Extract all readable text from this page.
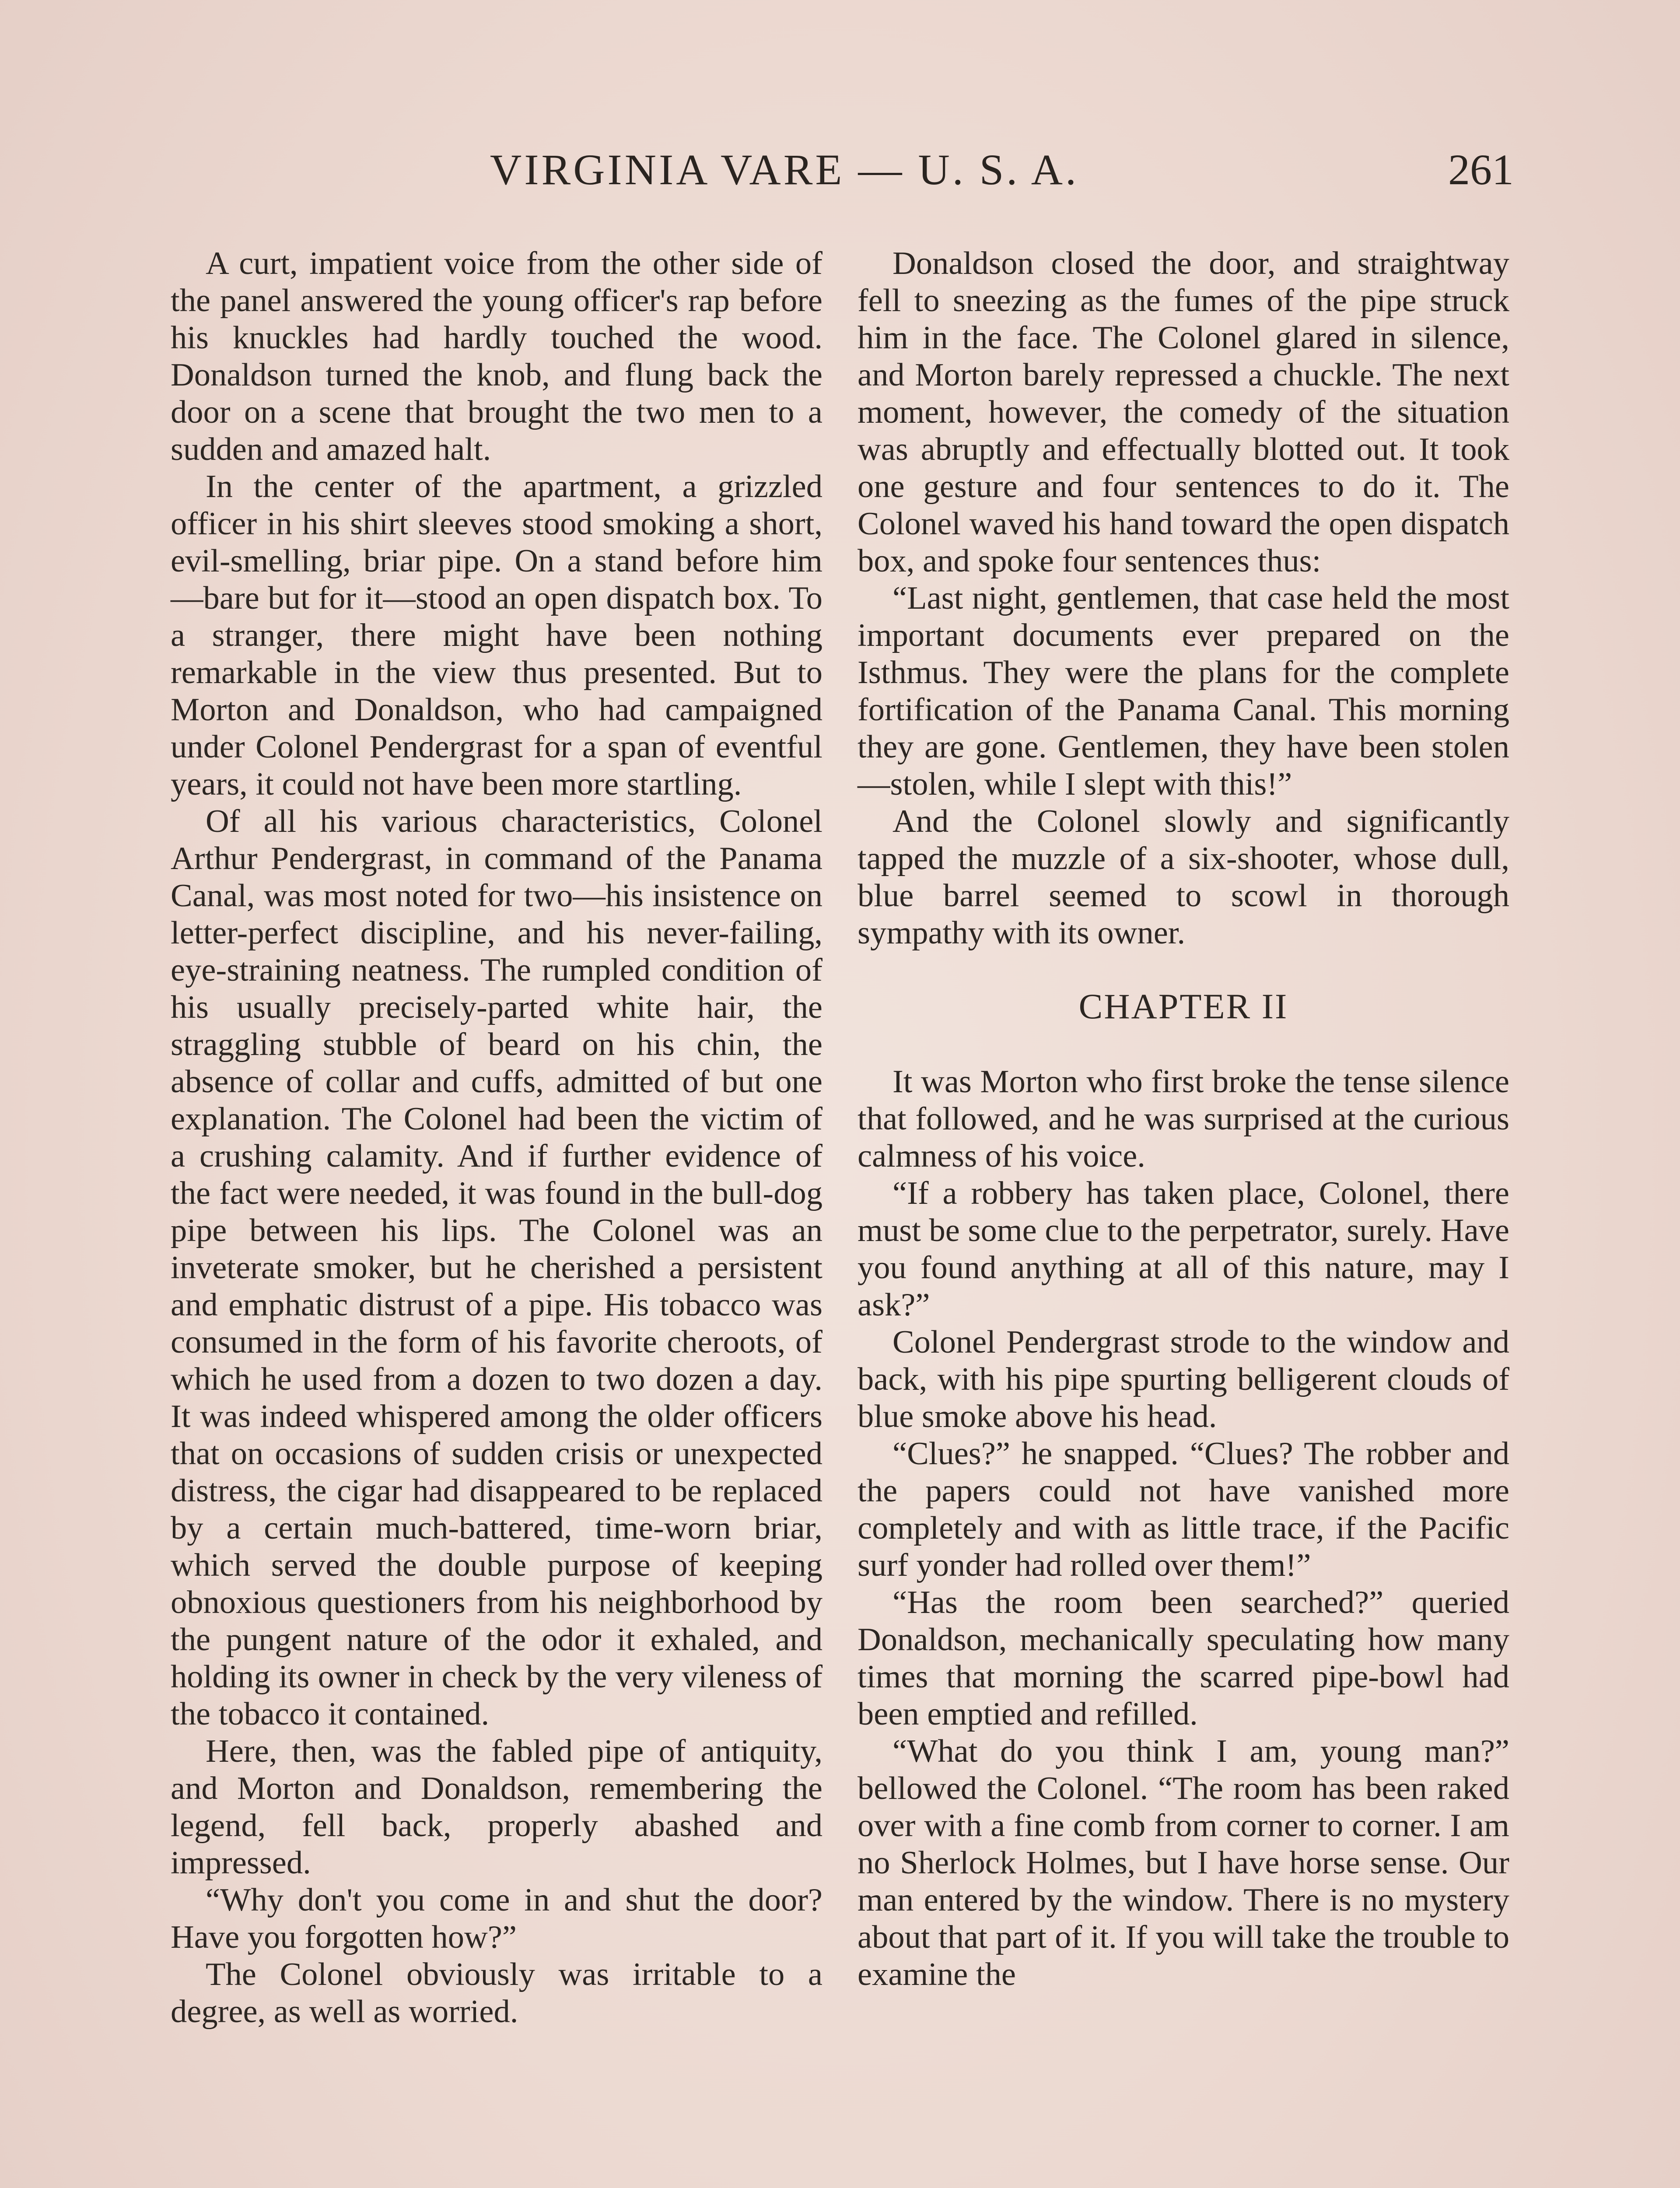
VIRGINIA VARE — U. S. A.	261

A curt, impatient voice from the other side of the panel answered the young officer's rap before his knuckles had hardly touched the wood. Donaldson turned the knob, and flung back the door on a scene that brought the two men to a sudden and amazed halt.

In the center of the apartment, a grizzled officer in his shirt sleeves stood smoking a short, evil-smelling, briar pipe. On a stand before him—bare but for it—stood an open dispatch box. To a stranger, there might have been nothing remarkable in the view thus presented. But to Morton and Donaldson, who had campaigned under Colonel Pendergrast for a span of eventful years, it could not have been more startling.

Of all his various characteristics, Colonel Arthur Pendergrast, in command of the Panama Canal, was most noted for two—his insistence on letter-perfect discipline, and his never-failing, eye-straining neatness. The rumpled condition of his usually precisely-parted white hair, the straggling stubble of beard on his chin, the absence of collar and cuffs, admitted of but one explanation. The Colonel had been the victim of a crushing calamity. And if further evidence of the fact were needed, it was found in the bull-dog pipe between his lips. The Colonel was an inveterate smoker, but he cherished a persistent and emphatic distrust of a pipe. His tobacco was consumed in the form of his favorite cheroots, of which he used from a dozen to two dozen a day. It was indeed whispered among the older officers that on occasions of sudden crisis or unexpected distress, the cigar had disappeared to be replaced by a certain much-battered, time-worn briar, which served the double purpose of keeping obnoxious questioners from his neighborhood by the pungent nature of the odor it exhaled, and holding its owner in check by the very vileness of the tobacco it contained.

Here, then, was the fabled pipe of antiquity, and Morton and Donaldson, remembering the legend, fell back, properly abashed and impressed.

“Why don't you come in and shut the door? Have you forgotten how?”

The Colonel obviously was irritable to a degree, as well as worried.

Donaldson closed the door, and straightway fell to sneezing as the fumes of the pipe struck him in the face. The Colonel glared in silence, and Morton barely repressed a chuckle. The next moment, however, the comedy of the situation was abruptly and effectually blotted out. It took one gesture and four sentences to do it. The Colonel waved his hand toward the open dispatch box, and spoke four sentences thus:

“Last night, gentlemen, that case held the most important documents ever prepared on the Isthmus. They were the plans for the complete fortification of the Panama Canal. This morning they are gone. Gentlemen, they have been stolen—stolen, while I slept with this!”

And the Colonel slowly and significantly tapped the muzzle of a six-shooter, whose dull, blue barrel seemed to scowl in thorough sympathy with its owner.

CHAPTER II

It was Morton who first broke the tense silence that followed, and he was surprised at the curious calmness of his voice.

“If a robbery has taken place, Colonel, there must be some clue to the perpetrator, surely. Have you found anything at all of this nature, may I ask?”

Colonel Pendergrast strode to the window and back, with his pipe spurting belligerent clouds of blue smoke above his head.

“Clues?” he snapped. “Clues? The robber and the papers could not have vanished more completely and with as little trace, if the Pacific surf yonder had rolled over them!”

“Has the room been searched?” queried Donaldson, mechanically speculating how many times that morning the scarred pipe-bowl had been emptied and refilled.

“What do you think I am, young man?” bellowed the Colonel. “The room has been raked over with a fine comb from corner to corner. I am no Sherlock Holmes, but I have horse sense. Our man entered by the window. There is no mystery about that part of it. If you will take the trouble to examine the
